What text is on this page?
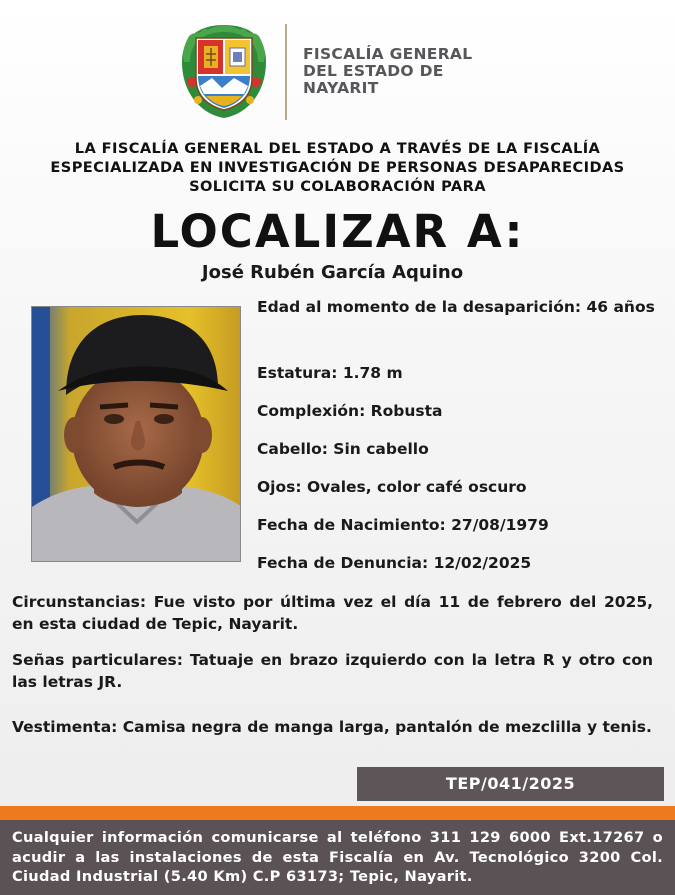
FISCALÍA GENERAL
DEL ESTADO DE
NAYARIT
LA FISCALÍA GENERAL DEL ESTADO A TRAVÉS DE LA FISCALÍA
ESPECIALIZADA EN INVESTIGACIÓN DE PERSONAS DESAPARECIDAS
SOLICITA SU COLABORACIÓN PARA
LOCALIZAR A:
José Rubén García Aquino
Edad al momento de la desaparición: 46 años
Estatura: 1.78 m
Complexión: Robusta
Cabello: Sin cabello
Ojos: Ovales, color café oscuro
Fecha de Nacimiento: 27/08/1979
Fecha de Denuncia: 12/02/2025
Circunstancias: Fue visto por última vez el día 11 de febrero del 2025, en esta ciudad de Tepic, Nayarit.
Señas particulares: Tatuaje en brazo izquierdo con la letra R y otro con las letras JR.
Vestimenta: Camisa negra de manga larga, pantalón de mezclilla y tenis.
TEP/041/2025
Cualquier información comunicarse al teléfono 311 129 6000 Ext.17267 o acudir a las instalaciones de esta Fiscalía en Av. Tecnológico 3200 Col. Ciudad Industrial (5.40 Km) C.P 63173; Tepic, Nayarit.
